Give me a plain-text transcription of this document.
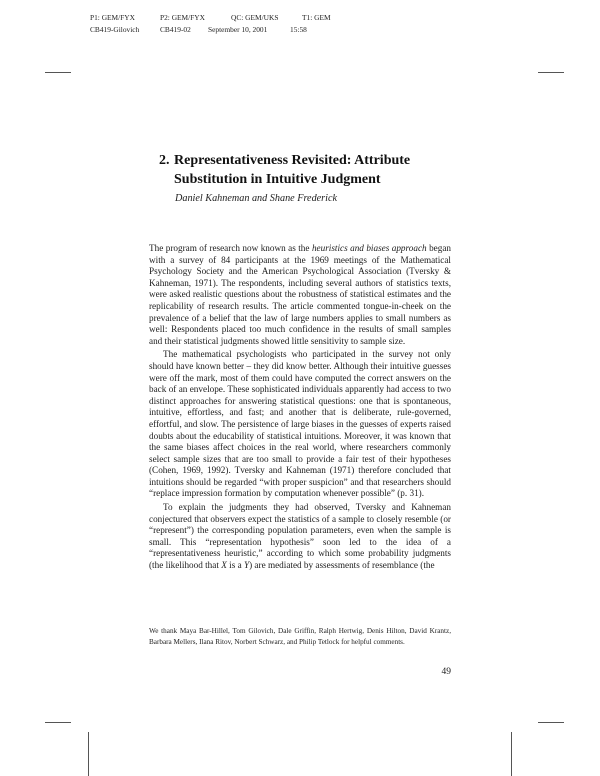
P1: GEM/FYX	P2: GEM/FYX	QC: GEM/UKS	T1: GEM
CB419-Gilovich	CB419-02 September 10, 2001	15:58
2. Representativeness Revisited: Attribute
Substitution in Intuitive Judgment
Daniel Kahneman and Shane Frederick

The program of research now known as the heuristics and biases approach began with a survey of 84 participants at the 1969 meetings of the Mathematical Psychology Society and the American Psychological Association (Tversky & Kahneman, 1971). The respondents, including several authors of statistics texts, were asked realistic questions about the robustness of statistical estimates and the replicability of research results. The article commented tongue-in-cheek on the prevalence of a belief that the law of large numbers applies to small numbers as well: Respondents placed too much confidence in the results of small samples and their statistical judgments showed little sensitivity to sample size.

The mathematical psychologists who participated in the survey not only should have known better – they did know better. Although their intuitive guesses were off the mark, most of them could have computed the correct answers on the back of an envelope. These sophisticated individuals apparently had access to two distinct approaches for answering statistical questions: one that is spontaneous, intuitive, effortless, and fast; and another that is deliberate, rule-governed, effortful, and slow. The persistence of large biases in the guesses of experts raised doubts about the educability of statistical intuitions. Moreover, it was known that the same biases affect choices in the real world, where researchers commonly select sample sizes that are too small to provide a fair test of their hypotheses (Cohen, 1969, 1992). Tversky and Kahneman (1971) therefore concluded that intuitions should be regarded “with proper suspicion” and that researchers should “replace impression formation by computation whenever possible” (p. 31).

To explain the judgments they had observed, Tversky and Kahneman conjectured that observers expect the statistics of a sample to closely resemble (or “represent”) the corresponding population parameters, even when the sample is small. This “representation hypothesis” soon led to the idea of a “representativeness heuristic,” according to which some probability judgments (the likelihood that X is a Y) are mediated by assessments of resemblance (the

We thank Maya Bar-Hillel, Tom Gilovich, Dale Griffin, Ralph Hertwig, Denis Hilton, David Krantz, Barbara Mellers, Ilana Ritov, Norbert Schwarz, and Philip Tetlock for helpful comments.
49
